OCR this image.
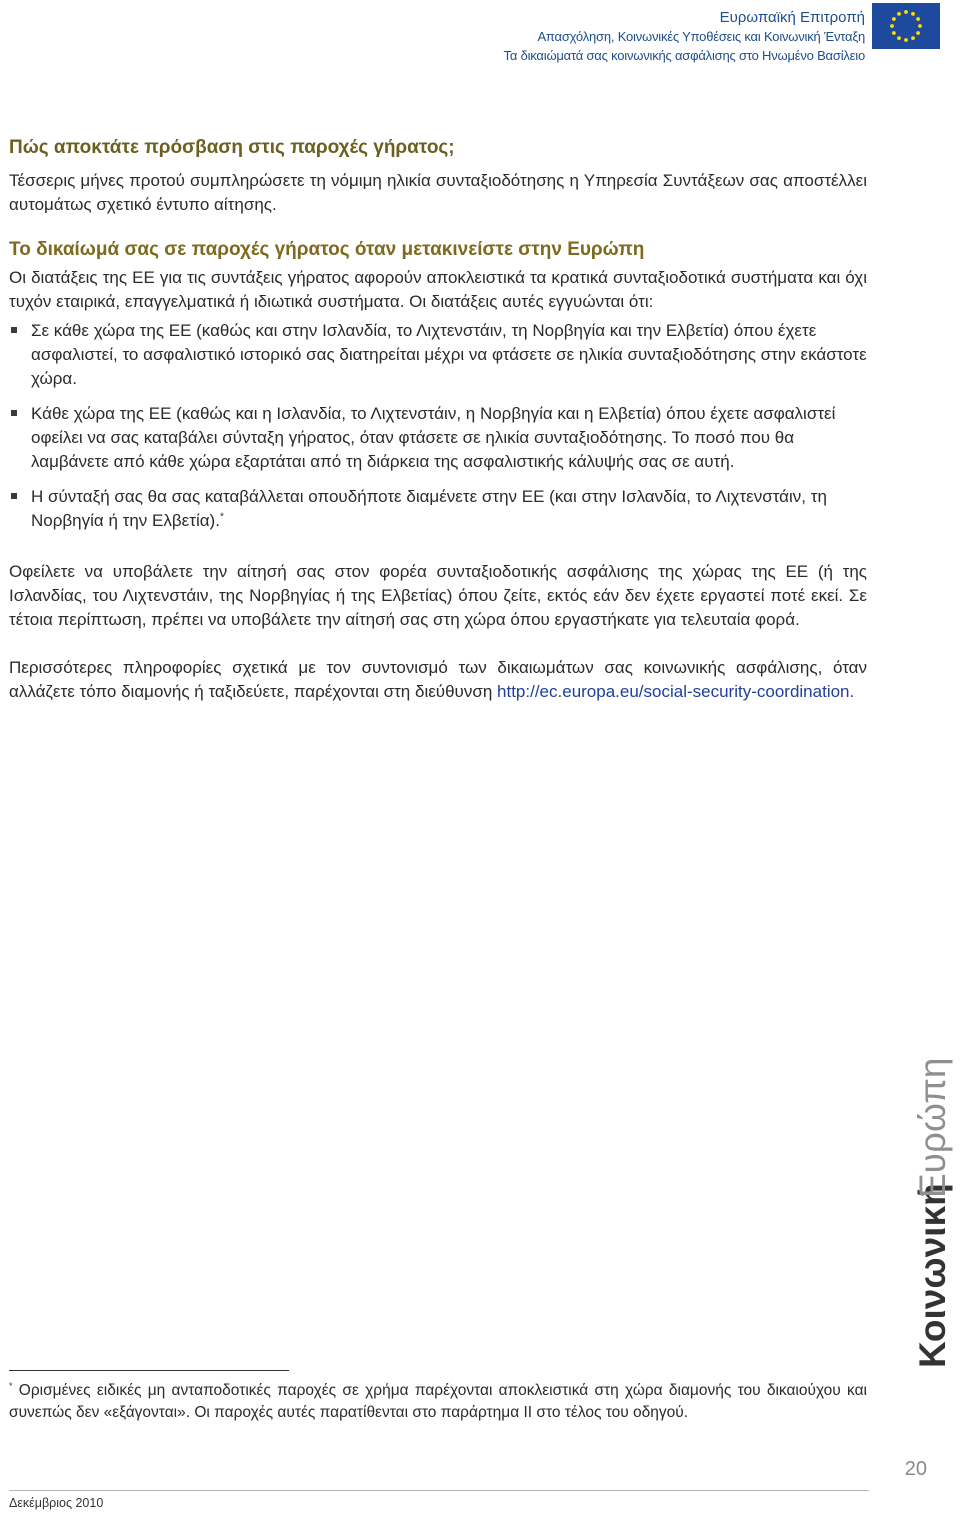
Ευρωπαϊκή Επιτροπή
Απασχόληση, Κοινωνικές Υποθέσεις και Κοινωνική Ένταξη
Τα δικαιώματά σας κοινωνικής ασφάλισης στο Ηνωμένο Βασίλειο
Πώς αποκτάτε πρόσβαση στις παροχές γήρατος;

Τέσσερις μήνες προτού συμπληρώσετε τη νόμιμη ηλικία συνταξιοδότησης η Υπηρεσία Συντάξεων σας αποστέλλει αυτομάτως σχετικό έντυπο αίτησης.

Το δικαίωμά σας σε παροχές γήρατος όταν μετακινείστε στην Ευρώπη

Οι διατάξεις της ΕΕ για τις συντάξεις γήρατος αφορούν αποκλειστικά τα κρατικά συνταξιοδοτικά συστήματα και όχι τυχόν εταιρικά, επαγγελματικά ή ιδιωτικά συστήματα. Οι διατάξεις αυτές εγγυώνται ότι:

Σε κάθε χώρα της ΕΕ (καθώς και στην Ισλανδία, το Λιχτενστάιν, τη Νορβηγία και την Ελβετία) όπου έχετε ασφαλιστεί, το ασφαλιστικό ιστορικό σας διατηρείται μέχρι να φτάσετε σε ηλικία συνταξιοδότησης στην εκάστοτε χώρα.
Κάθε χώρα της ΕΕ (καθώς και η Ισλανδία, το Λιχτενστάιν, η Νορβηγία και η Ελβετία) όπου έχετε ασφαλιστεί οφείλει να σας καταβάλει σύνταξη γήρατος, όταν φτάσετε σε ηλικία συνταξιοδότησης. Το ποσό που θα λαμβάνετε από κάθε χώρα εξαρτάται από τη διάρκεια της ασφαλιστικής κάλυψής σας σε αυτή.
Η σύνταξή σας θα σας καταβάλλεται οπουδήποτε διαμένετε στην ΕΕ (και στην Ισλανδία, το Λιχτενστάιν, τη Νορβηγία ή την Ελβετία).*

Οφείλετε να υποβάλετε την αίτησή σας στον φορέα συνταξιοδοτικής ασφάλισης της χώρας της ΕΕ (ή της Ισλανδίας, του Λιχτενστάιν, της Νορβηγίας ή της Ελβετίας) όπου ζείτε, εκτός εάν δεν έχετε εργαστεί ποτέ εκεί. Σε τέτοια περίπτωση, πρέπει να υποβάλετε την αίτησή σας στη χώρα όπου εργαστήκατε για τελευταία φορά.

Περισσότερες πληροφορίες σχετικά με τον συντονισμό των δικαιωμάτων σας κοινωνικής ασφάλισης, όταν αλλάζετε τόπο διαμονής ή ταξιδεύετε, παρέχονται στη διεύθυνση http://ec.europa.eu/social-security-coordination.

Κοινωνική
Ευρώπη
* Ορισμένες ειδικές μη ανταποδοτικές παροχές σε χρήμα παρέχονται αποκλειστικά στη χώρα διαμονής του δικαιούχου και συνεπώς δεν «εξάγονται». Οι παροχές αυτές παρατίθενται στο παράρτημα II στο τέλος του οδηγού.
20
Δεκέμβριος 2010
